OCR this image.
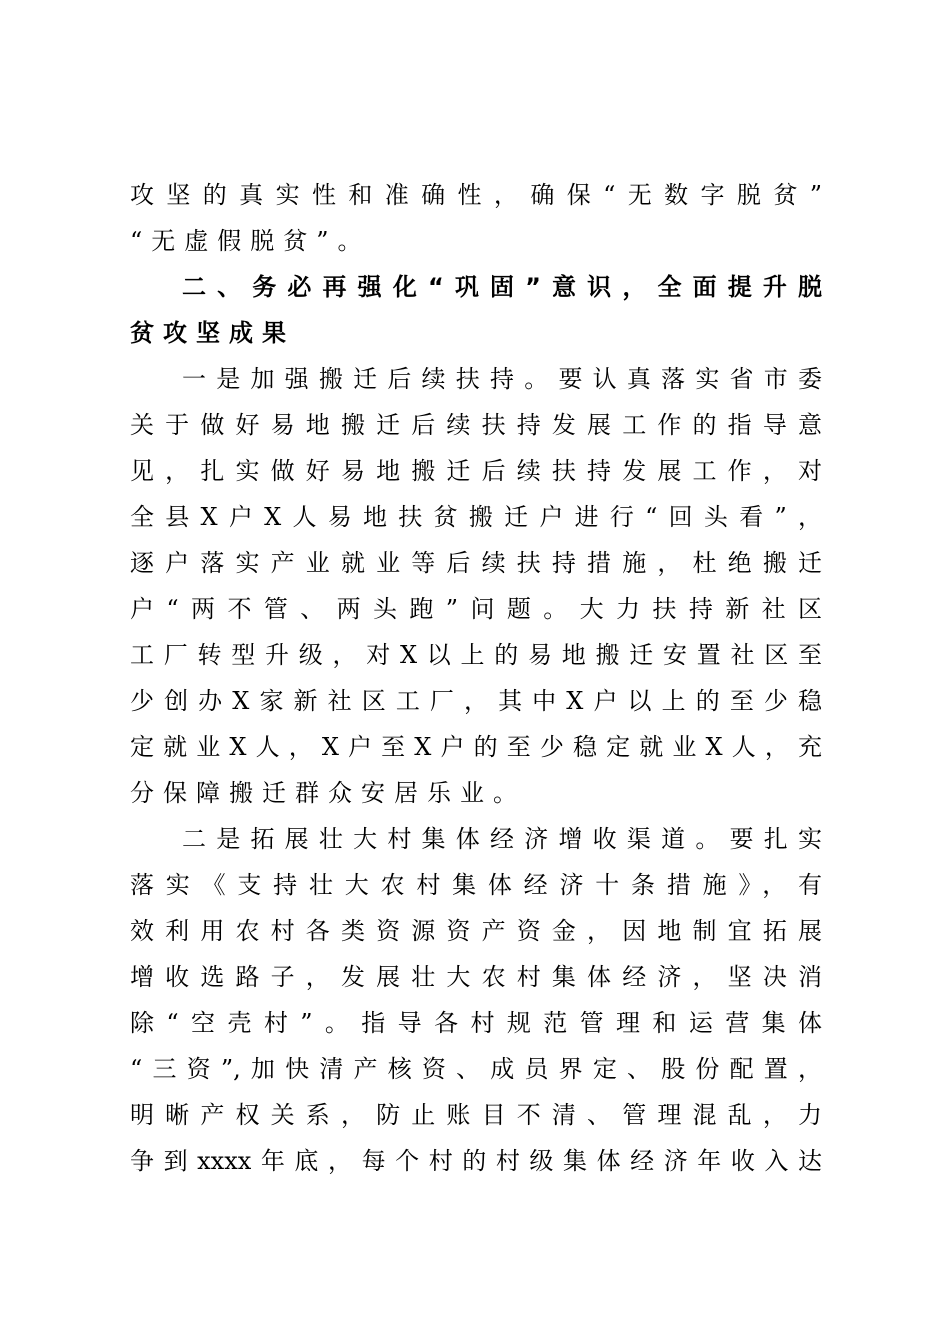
攻坚的真实性和准确性，确保“无数字脱贫”
“无虚假脱贫”。
二、务必再强化“巩固”意识，全面提升脱
贫攻坚成果
一是加强搬迁后续扶持。要认真落实省市委
关于做好易地搬迁后续扶持发展工作的指导意
见，扎实做好易地搬迁后续扶持发展工作，对
全县X户X人易地扶贫搬迁户进行“回头看”，
逐户落实产业就业等后续扶持措施，杜绝搬迁
户“两不管、两头跑”问题。大力扶持新社区
工厂转型升级，对X以上的易地搬迁安置社区至
少创办X家新社区工厂，其中X户以上的至少稳
定就业X人，X户至X户的至少稳定就业X人，充
分保障搬迁群众安居乐业。
二是拓展壮大村集体经济增收渠道。要扎实
落实《支持壮大农村集体经济十条措施》，有
效利用农村各类资源资产资金，因地制宜拓展
增收选路子，发展壮大农村集体经济，坚决消
除“空壳村”。指导各村规范管理和运营集体
“三资”,加快清产核资、成员界定、股份配置，
明晰产权关系，防止账目不清、管理混乱，力
争到xxxx年底，每个村的村级集体经济年收入达
